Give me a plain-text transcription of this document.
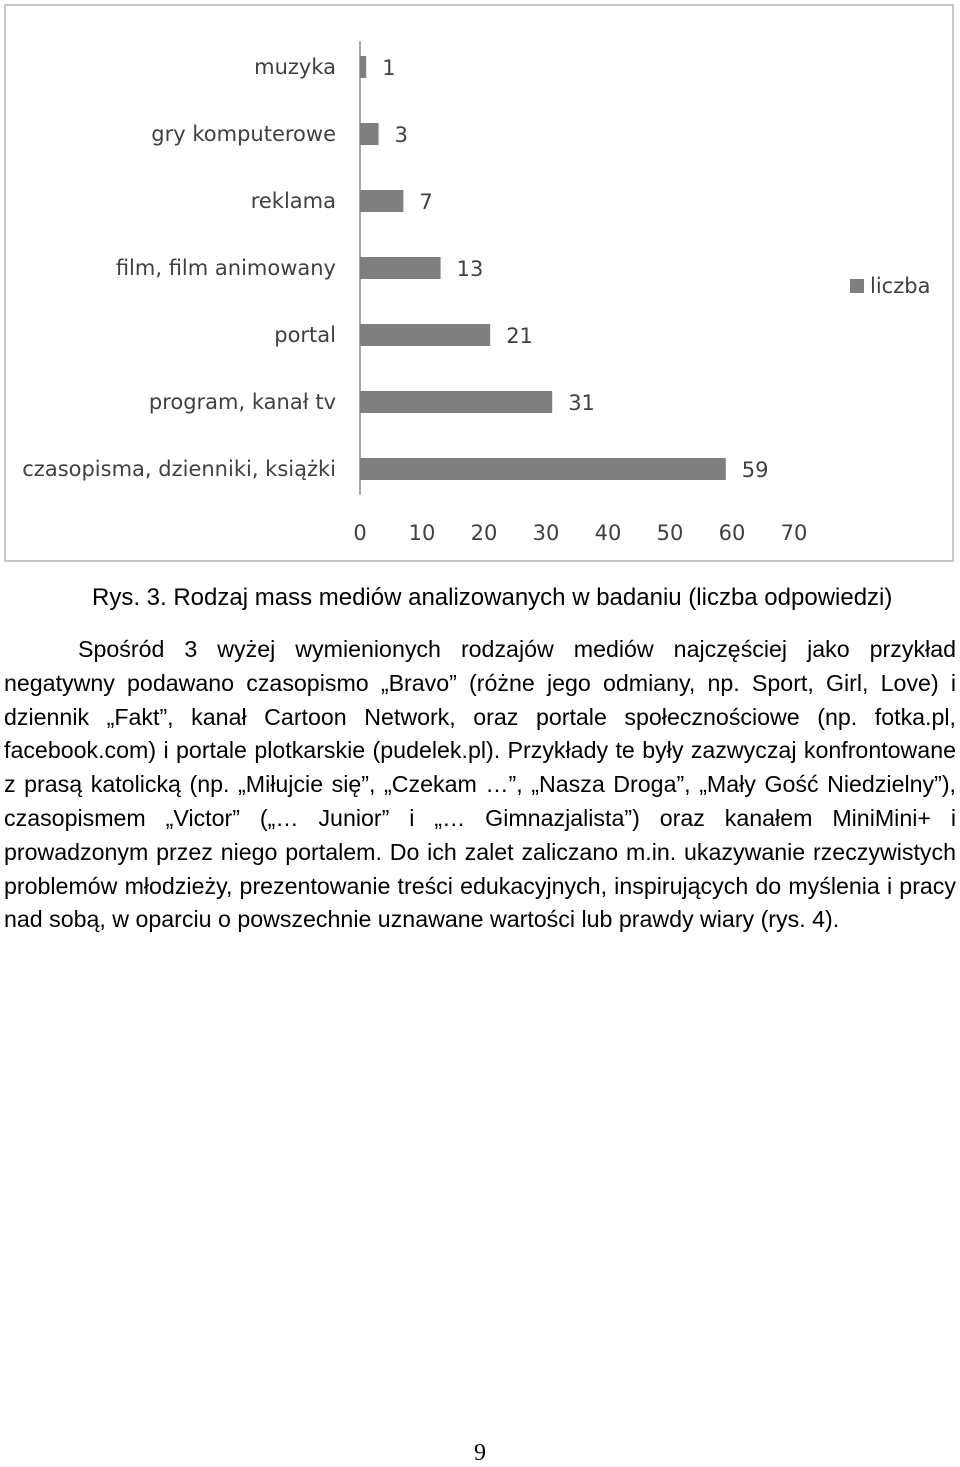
muzyka 1
gry komputerowe	3
reklama	7
film, film animowany	13
portal	21
program, kanał tv	31
czasopisma, dzienniki, książki	59
0 10 20 30 40 50 60 70
liczba
Rys. 3. Rodzaj mass mediów analizowanych w badaniu (liczba odpowiedzi)

Spośród 3 wyżej wymienionych rodzajów mediów najczęściej jako przykład negatywny podawano czasopismo „Bravo” (różne jego odmiany, np. Sport, Girl, Love) i dziennik „Fakt”, kanał Cartoon Network, oraz portale społecznościowe (np. fotka.pl, facebook.com) i portale plotkarskie (pudelek.pl). Przykłady te były zazwyczaj konfrontowane z prasą katolicką (np. „Miłujcie się”, „Czekam …”, „Nasza Droga”, „Mały Gość Niedzielny”), czasopismem „Victor” („… Junior” i „… Gimnazjalista”) oraz kanałem MiniMini+ i prowadzonym przez niego portalem. Do ich zalet zaliczano m.in. ukazywanie rzeczywistych problemów młodzieży, prezentowanie treści edukacyjnych, inspirujących do myślenia i pracy nad sobą, w oparciu o powszechnie uznawane wartości lub prawdy wiary (rys. 4).

9
